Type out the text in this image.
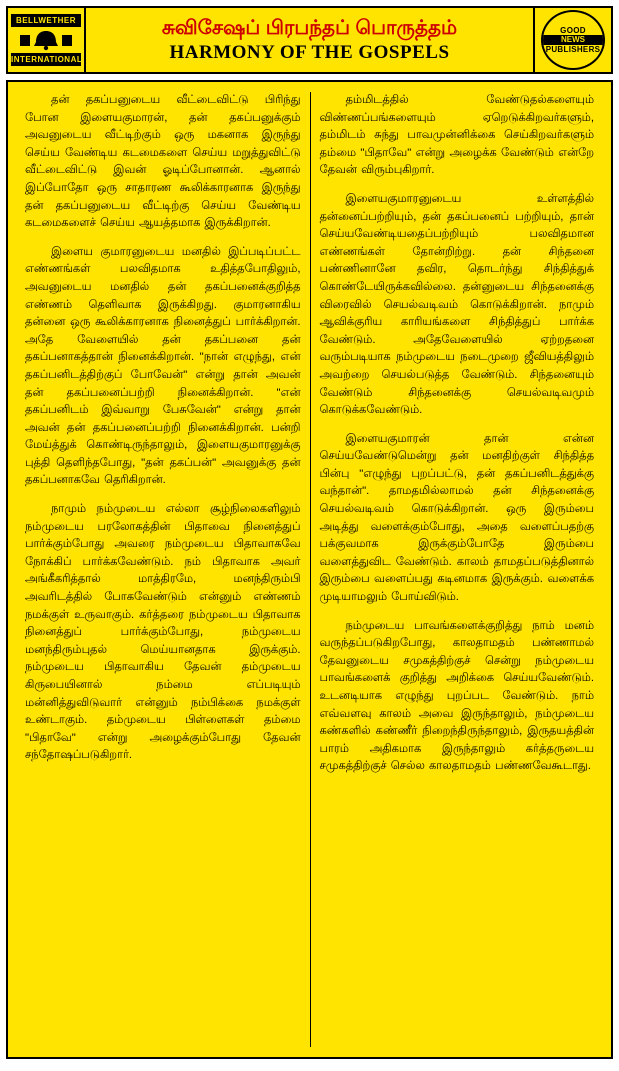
BELLWETHER
INTERNATIONAL
சுவிசேஷப் பிரபந்தப் பொருத்தம்
HARMONY OF THE GOSPELS
GOOD
NEWS
PUBLISHERS

தன் தகப்பனுடைய வீட்டைவிட்டு பிரிந்து போன இளையகுமாரன், தன் தகப்பனுக்கும் அவனுடைய வீட்டிற்கும் ஒரு மகனாக இருந்து செய்ய வேண்டிய கடமைகளை செய்ய மறுத்துவிட்டு வீட்டைவிட்டு இவன் ஓடிப்போனான். ஆனால் இப்போதோ ஒரு சாதாரண கூலிக்காரனாக இருந்து தன் தகப்பனுடைய வீட்டிற்கு செய்ய வேண்டிய கடமைகளைச் செய்ய ஆயத்தமாக இருக்கிறான்.

இளைய குமாரனுடைய மனதில் இப்படிப்பட்ட எண்ணங்கள் பலவிதமாக உதித்தபோதிலும், அவனுடைய மனதில் தன் தகப்பனைக்குறித்த எண்ணம் தெளிவாக இருக்கிறது. குமாரனாகிய தன்னை ஒரு கூலிக்காரனாக நினைத்துப் பார்க்கிறான். அதே வேளையில் தன் தகப்பனை தன் தகப்பனாகத்தான் நினைக்கிறான். "நான் எழுந்து, என் தகப்பனிடத்திற்குப் போவேன்" என்று தான் அவன் தன் தகப்பனைப்பற்றி நினைக்கிறான். "என் தகப்பனிடம் இவ்வாறு பேசுவேன்" என்று தான் அவன் தன் தகப்பனைப்பற்றி நினைக்கிறான். பன்றி மேய்த்துக் கொண்டிருந்தாலும், இளையகுமாரனுக்கு புத்தி தெளிந்தபோது, "தன் தகப்பன்" அவனுக்கு தன் தகப்பனாகவே தெரிகிறான்.

நாமும் நம்முடைய எல்லா சூழ்நிலைகளிலும் நம்முடைய பரலோகத்தின் பிதாவை நினைத்துப் பார்க்கும்போது அவரை நம்முடைய பிதாவாகவே நோக்கிப் பார்க்கவேண்டும். நம் பிதாவாக அவர் அங்கீகரித்தால் மாத்திரமே, மனந்திரும்பி அவரிடத்தில் போகவேண்டும் என்னும் எண்ணம் நமக்குள் உருவாகும். கர்த்தரை நம்முடைய பிதாவாக நினைத்துப் பார்க்கும்போது, நம்முடைய மனந்திரும்புதல் மெய்யானதாக இருக்கும். நம்முடைய பிதாவாகிய தேவன் தம்முடைய கிருபையினால் நம்மை எப்படியும் மன்னித்துவிடுவார் என்னும் நம்பிக்கை நமக்குள் உண்டாகும். தம்முடைய பிள்ளைகள் தம்மை "பிதாவே" என்று அழைக்கும்போது தேவன் சந்தோஷப்படுகிறார்.

தம்மிடத்தில் வேண்டுதல்களையும் விண்ணப்பங்களையும் ஏறெடுக்கிறவர்களும், தம்மிடம் சுந்து பாவமுன்னிக்கை செய்கிறவர்களும் தம்மை "பிதாவே" என்று அழைக்க வேண்டும் என்றே தேவன் விரும்புகிறார்.

இளையகுமாரனுடைய உள்ளத்தில் தன்னைப்பற்றியும், தன் தகப்பனைப் பற்றியும், தான் செய்யவேண்டியதைப்பற்றியும் பலவிதமான எண்ணங்கள் தோன்றிற்று. தன் சிந்தனை பண்ணினானே தவிர, தொடர்ந்து சிந்தித்துக் கொண்டேயிருக்கவில்லை. தன்னுடைய சிந்தனைக்கு விரைவில் செயல்வடிவம் கொடுக்கிறான். நாமும் ஆவிக்குரிய காரியங்களை சிந்தித்துப் பார்க்க வேண்டும். அதேவேளையில் ஏற்றதனை வரும்படியாக நம்முடைய நடைமுறை ஜீவியத்திலும் அவற்றை செயல்படுத்த வேண்டும். சிந்தனையும் வேண்டும் சிந்தனைக்கு செயல்வடிவமும் கொடுக்கவேண்டும்.

இளையகுமாரன் தான் என்ன செய்யவேண்டுமென்று தன் மனதிற்குள் சிந்தித்த பின்பு "எழுந்து புறப்பட்டு, தன் தகப்பனிடத்துக்கு வந்தான்". தாமதமில்லாமல் தன் சிந்தனைக்கு செயல்வடிவம் கொடுக்கிறான். ஒரு இரும்பை அடித்து வளைக்கும்போது, அதை வளைப்பதற்கு பக்குவமாக இருக்கும்போதே இரும்பை வளைத்துவிட வேண்டும். காலம் தாமதப்படுத்தினால் இரும்பை வளைப்பது கடினமாக இருக்கும். வளைக்க முடியாமலும் போய்விடும்.

நம்முடைய பாவங்களைக்குறித்து நாம் மனம் வருந்தப்படுகிறபோது, காலதாமதம் பண்ணாமல் தேவனுடைய சமுகத்திற்குச் சென்று நம்முடைய பாவங்களைக் குறித்து அறிக்கை செய்யவேண்டும். உடனடியாக எழுந்து புறப்பட வேண்டும். நாம் எவ்வளவு காலம் அவை இருந்தாலும், நம்முடைய கண்களில் கண்ணீர் நிறைந்திருந்தாலும், இருதயத்தின் பாரம் அதிகமாக இருந்தாலும் கர்த்தருடைய சமுகத்திற்குச் செல்ல காலதாமதம் பண்ணவேகூடாது.
